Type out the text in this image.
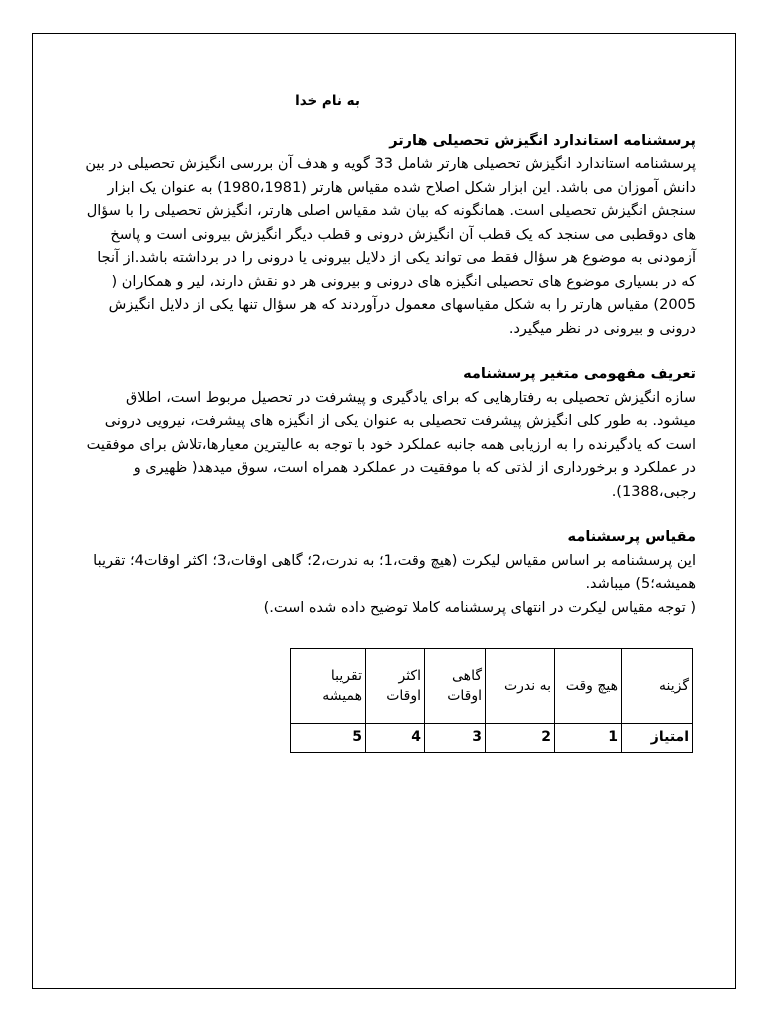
به نام خدا
پرسشنامه استاندارد انگیزش تحصیلی هارتر

پرسشنامه استاندارد انگیزش تحصیلی هارتر شامل 33 گویه و هدف آن بررسی انگیزش تحصیلی در بین دانش آموزان می باشد. این ابزار شکل اصلاح شده مقیاس هارتر (1980،1981) به عنوان یک ابزار سنجش انگیزش تحصیلی است. همانگونه که بیان شد مقیاس اصلی هارتر، انگیزش تحصیلی را با سؤال های دوقطبی می سنجد که یک قطب آن انگیزش درونی و قطب دیگر انگیزش بیرونی است و پاسخ آزمودنی به موضوع هر سؤال فقط می تواند یکی از دلایل بیرونی یا درونی را در برداشته باشد.از آنجا که در بسیاری موضوع های تحصیلی انگیزه های درونی و بیرونی هر دو نقش دارند، لیر و همکاران ( 2005) مقیاس هارتر را به شکل مقیاسهای معمول درآوردند که هر سؤال تنها یکی از دلایل انگیزش درونی و بیرونی در نظر میگیرد.

تعریف مفهومی متغیر پرسشنامه

سازه انگیزش تحصیلی به رفتارهایی که برای یادگیری و پیشرفت در تحصیل مربوط است، اطلاق میشود. به طور کلی انگیزش پیشرفت تحصیلی به عنوان یکی از انگیزه های پیشرفت، نیرویی درونی است که یادگیرنده را به ارزیابی همه جانبه عملکرد خود با توجه به عالیترین معیارها،تلاش برای موفقیت در عملکرد و برخورداری از لذتی که با موفقیت در عملکرد همراه است، سوق میدهد( ظهیری و رجبی،1388).

مقیاس پرسشنامه

این پرسشنامه بر اساس مقیاس لیکرت (هیچ وقت،1؛ به ندرت،2؛ گاهی اوقات،3؛ اکثر اوقات4؛ تقریبا همیشه؛5) میباشد.

( توجه مقیاس لیکرت در انتهای پرسشنامه کاملا توضیح داده شده است.)

گزینه	هیچ وقت	به ندرت	گاهی اوقات	اکثر اوقات	تقریبا همیشه
امتیاز	1	2	3	4	5
